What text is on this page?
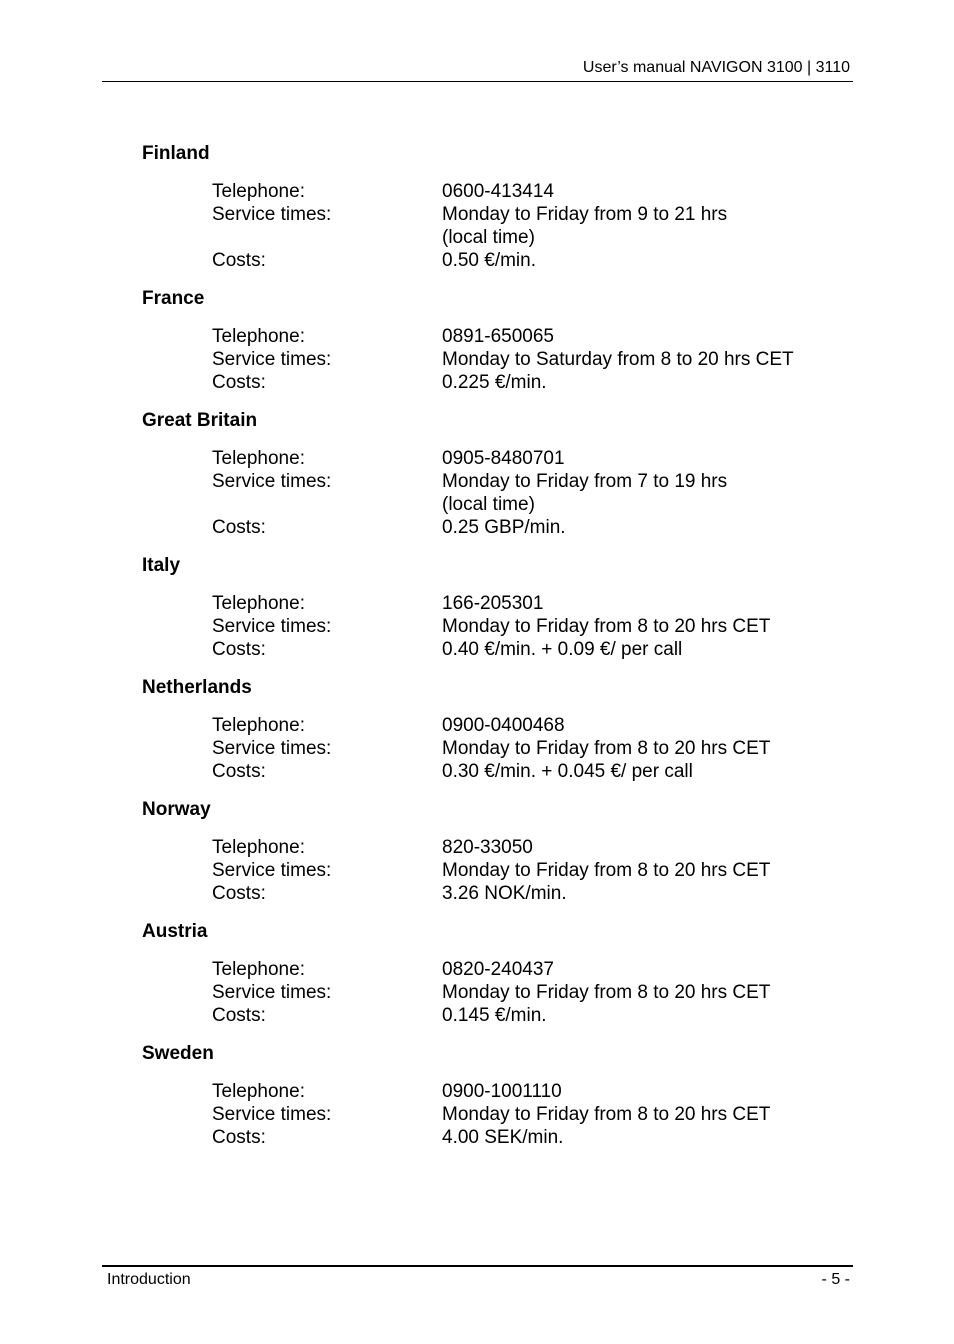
User’s manual NAVIGON 3100 | 3110
Finland
Telephone:	0600-413414
Service times:	Monday to Friday from 9 to 21 hrs
(local time)
Costs:	0.50 €/min.
France
Telephone:	0891-650065
Service times:	Monday to Saturday from 8 to 20 hrs CET
Costs:	0.225 €/min.
Great Britain
Telephone:	0905-8480701
Service times:	Monday to Friday from 7 to 19 hrs
(local time)
Costs:	0.25 GBP/min.
Italy
Telephone:	166-205301
Service times:	Monday to Friday from 8 to 20 hrs CET
Costs:	0.40 €/min. + 0.09 €/ per call
Netherlands
Telephone:	0900-0400468
Service times:	Monday to Friday from 8 to 20 hrs CET
Costs:	0.30 €/min. + 0.045 €/ per call
Norway
Telephone:	820-33050
Service times:	Monday to Friday from 8 to 20 hrs CET
Costs:	3.26 NOK/min.
Austria
Telephone:	0820-240437
Service times:	Monday to Friday from 8 to 20 hrs CET
Costs:	0.145 €/min.
Sweden
Telephone:	0900-1001110
Service times:	Monday to Friday from 8 to 20 hrs CET
Costs:	4.00 SEK/min.
Introduction	- 5 -
